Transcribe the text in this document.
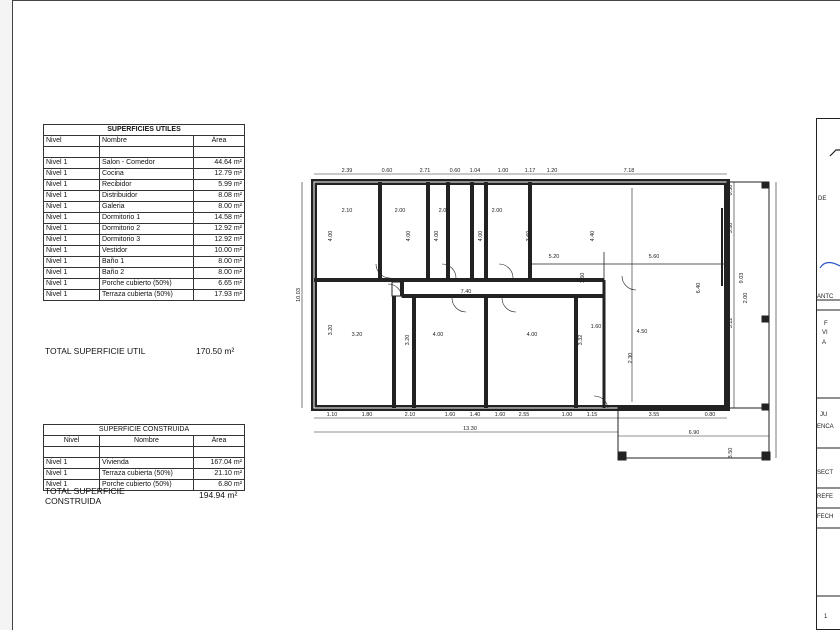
SUPERFICIES UTILES		
Nivel	Nombre	Área

Nivel 1	Salon - Comedor	44.64 m²
Nivel 1	Cocina	12.79 m²
Nivel 1	Recibidor	5.99 m²
Nivel 1	Distribuidor	8.08 m²
Nivel 1	Galeria	8.00 m²
Nivel 1	Dormitorio 1	14.58 m²
Nivel 1	Dormitorio 2	12.92 m²
Nivel 1	Dormitorio 3	12.92 m²
Nivel 1	Vestidor	10.00 m²
Nivel 1	Baño 1	8.00 m²
Nivel 1	Baño 2	8.00 m²
Nivel 1	Porche cubierto (50%)	6.65 m²
Nivel 1	Terraza cubierta (50%)	17.93 m²
TOTAL SUPERFICIE UTIL	170.50 m²
SUPERFICIE CONSTRUIDA		
Nivel	Nombre	Área

Nivel 1	Vivienda	167.04 m²
Nivel 1	Terraza cubierta (50%)	21.10 m²
Nivel 1	Porche cubierto (50%)	6.80 m²
TOTAL SUPERFICIE
CONSTRUIDA
194.94 m²
2.39	0.60	2.71	0.60 1.04	1.00	1.17 1.20	7.18
1.10	1.80	2.10	1.60	1.40	1.60 2.55	1.00	1.15	3.55	0.80
13.30
6.90
10.03
0.30
3.50
9.03
2.00
5.12
3.50
2.10	2.00	2.00	2.00
4.00	4.00	4.00	4.00
5.20	5.60
3.60	4.40
6.40
7.40
3.20	4.00	4.00
1.60
4.50
3.20
3.20	3.32
2.30
1.50
DE
ANTC
F
VI
A
JU
ENCA
SECT
REFE
FECH
1
